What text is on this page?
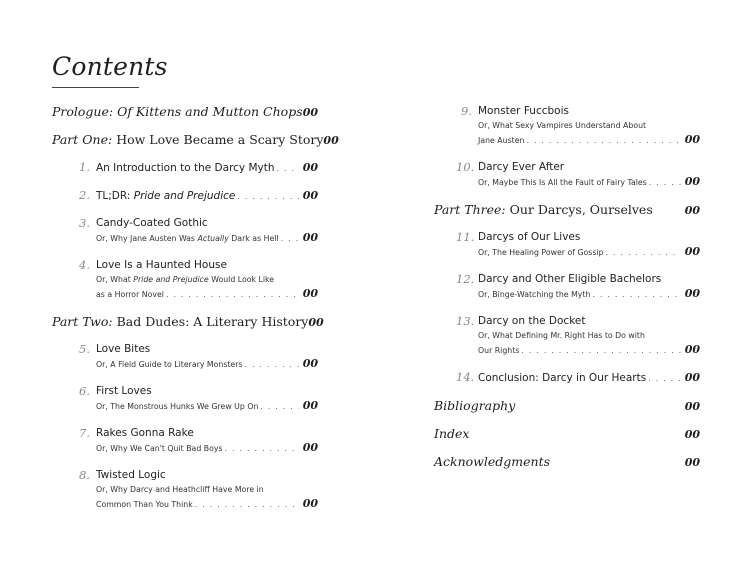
Contents
Prologue: Of Kittens and Mutton Chops 00
Part One: How Love Became a Scary Story 00
1. An Introduction to the Darcy Myth . . .	00
2. TL;DR: Pride and Prejudice . . .	00
3. Candy-Coated Gothic
Or, Why Jane Austen Was Actually Dark as Hell . . . 00
4. Love Is a Haunted House
Or, What Pride and Prejudice Would Look Like
as a Horror Novel . . .	00
Part Two: Bad Dudes: A Literary History 00
5. Love Bites
Or, A Field Guide to Literary Monsters . . .	00
6. First Loves
Or, The Monstrous Hunks We Grew Up On . . .	00
7. Rakes Gonna Rake
Or, Why We Can't Quit Bad Boys . . .	00
8. Twisted Logic
Or, Why Darcy and Heathcliff Have More in
Common Than You Think . . .	00
9. Monster Fuccbois
Or, What Sexy Vampires Understand About
Jane Austen . . .	00
10. Darcy Ever After
Or, Maybe This Is All the Fault of Fairy Tales . . .	00
Part Three: Our Darcys, Ourselves	00
11. Darcys of Our Lives
Or, The Healing Power of Gossip . . .	00
12. Darcy and Other Eligible Bachelors
Or, Binge-Watching the Myth . . .	00
13. Darcy on the Docket
Or, What Defining Mr. Right Has to Do with
Our Rights . . .	00
14. Conclusion: Darcy in Our Hearts . . .	00
Bibliography	00
Index	00
Acknowledgments	00
